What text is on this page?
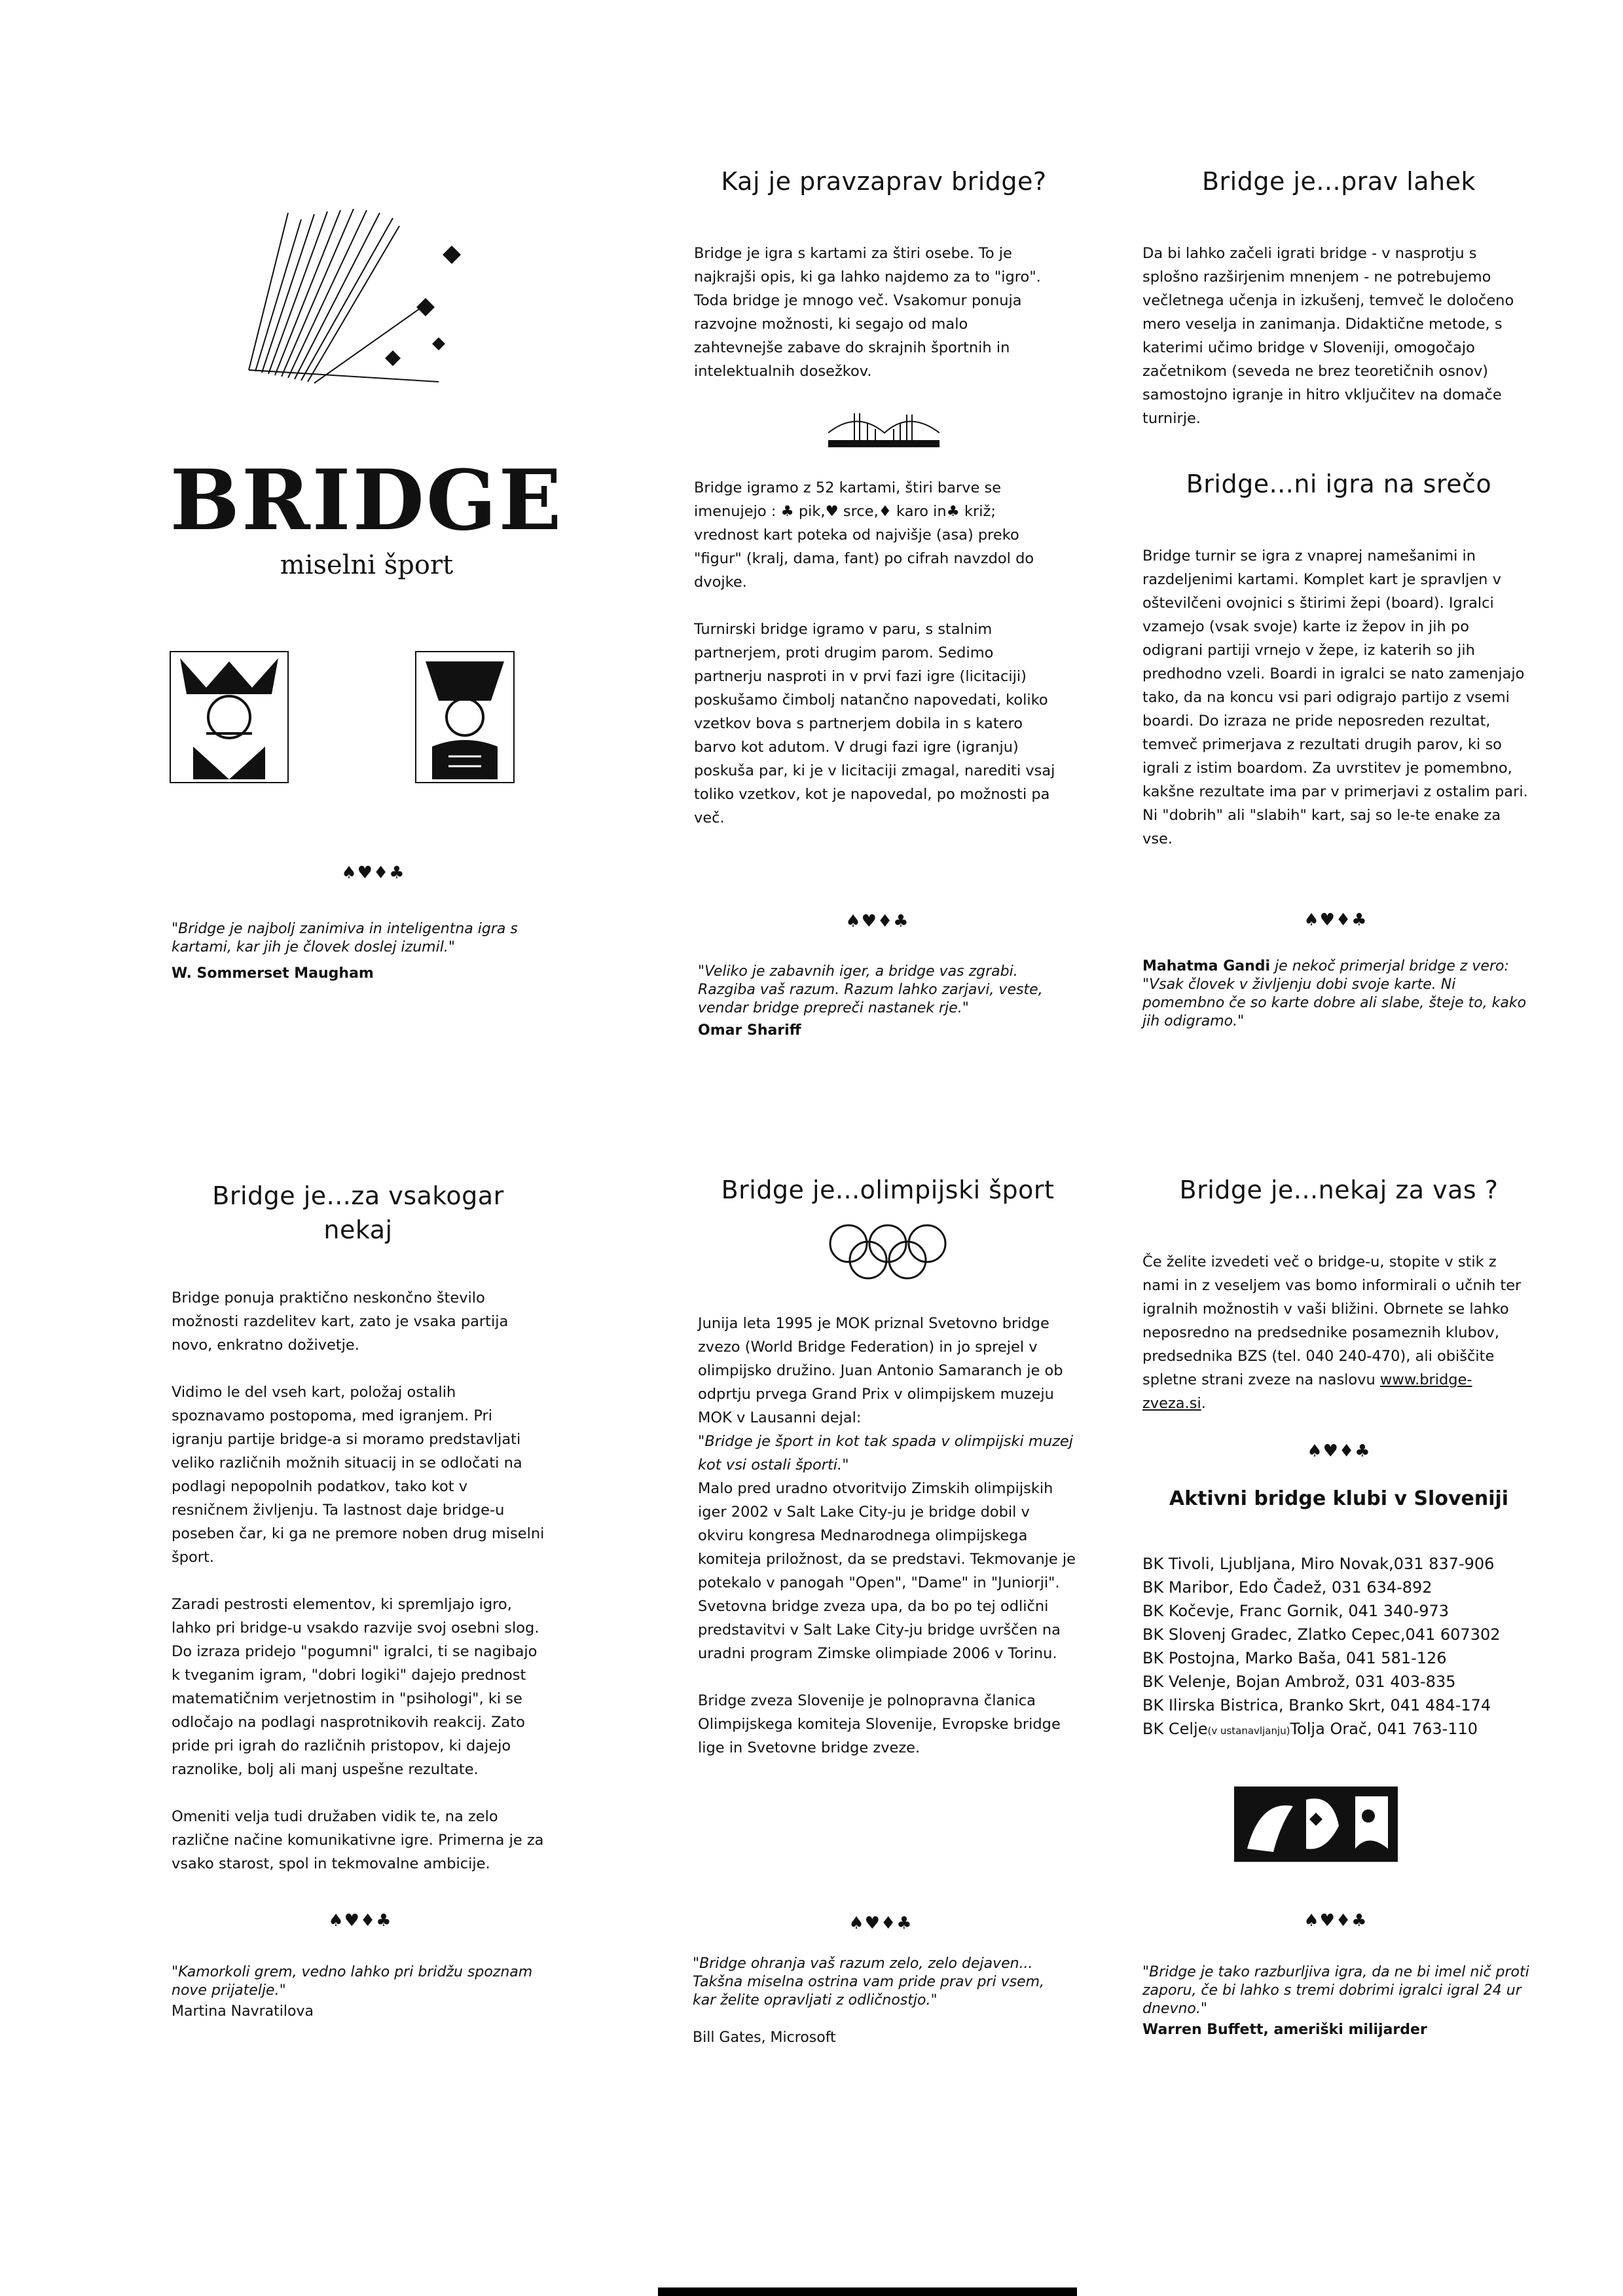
BRIDGE

miselni šport

♠♥♦♣

"Bridge je najbolj zanimiva in inteligentna igra s kartami, kar jih je človek doslej izumil."

W. Sommerset Maugham

Kaj je pravzaprav bridge?

Bridge je igra s kartami za štiri osebe. To je najkrajši opis, ki ga lahko najdemo za to "igro". Toda bridge je mnogo več. Vsakomur ponuja razvojne možnosti, ki segajo od malo zahtevnejše zabave do skrajnih športnih in intelektualnih dosežkov.

Bridge igramo z 52 kartami, štiri barve se imenujejo : ♣ pik,♥ srce,♦ karo in♣ križ; vrednost kart poteka od najvišje (asa) preko "figur" (kralj, dama, fant) po cifrah navzdol do dvojke.

Turnirski bridge igramo v paru, s stalnim partnerjem, proti drugim parom. Sedimo partnerju nasproti in v prvi fazi igre (licitaciji) poskušamo čimbolj natančno napovedati, koliko vzetkov bova s partnerjem dobila in s katero barvo kot adutom. V drugi fazi igre (igranju) poskuša par, ki je v licitaciji zmagal, narediti vsaj toliko vzetkov, kot je napovedal, po možnosti pa več.

♠♥♦♣

"Veliko je zabavnih iger, a bridge vas zgrabi. Razgiba vaš razum. Razum lahko zarjavi, veste, vendar bridge prepreči nastanek rje."

Omar Shariff

Bridge je...prav lahek

Da bi lahko začeli igrati bridge - v nasprotju s splošno razširjenim mnenjem - ne potrebujemo večletnega učenja in izkušenj, temveč le določeno mero veselja in zanimanja. Didaktične metode, s katerimi učimo bridge v Sloveniji, omogočajo začetnikom (seveda ne brez teoretičnih osnov) samostojno igranje in hitro vključitev na domače turnirje.

Bridge...ni igra na srečo

Bridge turnir se igra z vnaprej namešanimi in razdeljenimi kartami. Komplet kart je spravljen v oštevilčeni ovojnici s štirimi žepi (board). Igralci vzamejo (vsak svoje) karte iz žepov in jih po odigrani partiji vrnejo v žepe, iz katerih so jih predhodno vzeli. Boardi in igralci se nato zamenjajo tako, da na koncu vsi pari odigrajo partijo z vsemi boardi. Do izraza ne pride neposreden rezultat, temveč primerjava z rezultati drugih parov, ki so igrali z istim boardom. Za uvrstitev je pomembno, kakšne rezultate ima par v primerjavi z ostalim pari. Ni "dobrih" ali "slabih" kart, saj so le-te enake za vse.

♠♥♦♣

Mahatma Gandi je nekoč primerjal bridge z vero: "Vsak človek v življenju dobi svoje karte. Ni pomembno če so karte dobre ali slabe, šteje to, kako jih odigramo."

Bridge je...za vsakogar nekaj

Bridge ponuja praktično neskončno število možnosti razdelitev kart, zato je vsaka partija novo, enkratno doživetje.

Vidimo le del vseh kart, položaj ostalih spoznavamo postopoma, med igranjem. Pri igranju partije bridge-a si moramo predstavljati veliko različnih možnih situacij in se odločati na podlagi nepopolnih podatkov, tako kot v resničnem življenju. Ta lastnost daje bridge-u poseben čar, ki ga ne premore noben drug miselni šport.

Zaradi pestrosti elementov, ki spremljajo igro, lahko pri bridge-u vsakdo razvije svoj osebni slog. Do izraza pridejo "pogumni" igralci, ti se nagibajo k tveganim igram, "dobri logiki" dajejo prednost matematičnim verjetnostim in "psihologi", ki se odločajo na podlagi nasprotnikovih reakcij. Zato pride pri igrah do različnih pristopov, ki dajejo raznolike, bolj ali manj uspešne rezultate.

Omeniti velja tudi družaben vidik te, na zelo različne načine komunikativne igre. Primerna je za vsako starost, spol in tekmovalne ambicije.

♠♥♦♣

"Kamorkoli grem, vedno lahko pri bridžu spoznam nove prijatelje."

Martina Navratilova

Bridge je...olimpijski šport

Junija leta 1995 je MOK priznal Svetovno bridge zvezo (World Bridge Federation) in jo sprejel v olimpijsko družino. Juan Antonio Samaranch je ob odprtju prvega Grand Prix v olimpijskem muzeju MOK v Lausanni dejal:

"Bridge je šport in kot tak spada v olimpijski muzej kot vsi ostali športi."

Malo pred uradno otvoritvijo Zimskih olimpijskih iger 2002 v Salt Lake City-ju je bridge dobil v okviru kongresa Mednarodnega olimpijskega komiteja priložnost, da se predstavi. Tekmovanje je potekalo v panogah "Open", "Dame" in "Juniorji". Svetovna bridge zveza upa, da bo po tej odlični predstavitvi v Salt Lake City-ju bridge uvrščen na uradni program Zimske olimpiade 2006 v Torinu.

Bridge zveza Slovenije je polnopravna članica Olimpijskega komiteja Slovenije, Evropske bridge lige in Svetovne bridge zveze.

♠♥♦♣

"Bridge ohranja vaš razum zelo, zelo dejaven... Takšna miselna ostrina vam pride prav pri vsem, kar želite opravljati z odličnostjo."

Bill Gates, Microsoft

Bridge je...nekaj za vas ?

Če želite izvedeti več o bridge-u, stopite v stik z nami in z veseljem vas bomo informirali o učnih ter igralnih možnostih v vaši bližini. Obrnete se lahko neposredno na predsednike posameznih klubov, predsednika BZS (tel. 040 240-470), ali obiščite spletne strani zveze na naslovu www.bridge-zveza.si.

♠♥♦♣
Aktivni bridge klubi v Sloveniji
BK Tivoli, Ljubljana, Miro Novak,031 837-906
BK Maribor, Edo Čadež, 031 634-892
BK Kočevje, Franc Gornik, 041 340-973
BK Slovenj Gradec, Zlatko Cepec,041 607302
BK Postojna, Marko Baša, 041 581-126
BK Velenje, Bojan Ambrož, 031 403-835
BK Ilirska Bistrica, Branko Skrt, 041 484-174
BK Celje(v ustanavljanju)Tolja Orač, 041 763-110
♠♥♦♣

"Bridge je tako razburljiva igra, da ne bi imel nič proti zaporu, če bi lahko s tremi dobrimi igralci igral 24 ur dnevno."

Warren Buffett, ameriški milijarder
